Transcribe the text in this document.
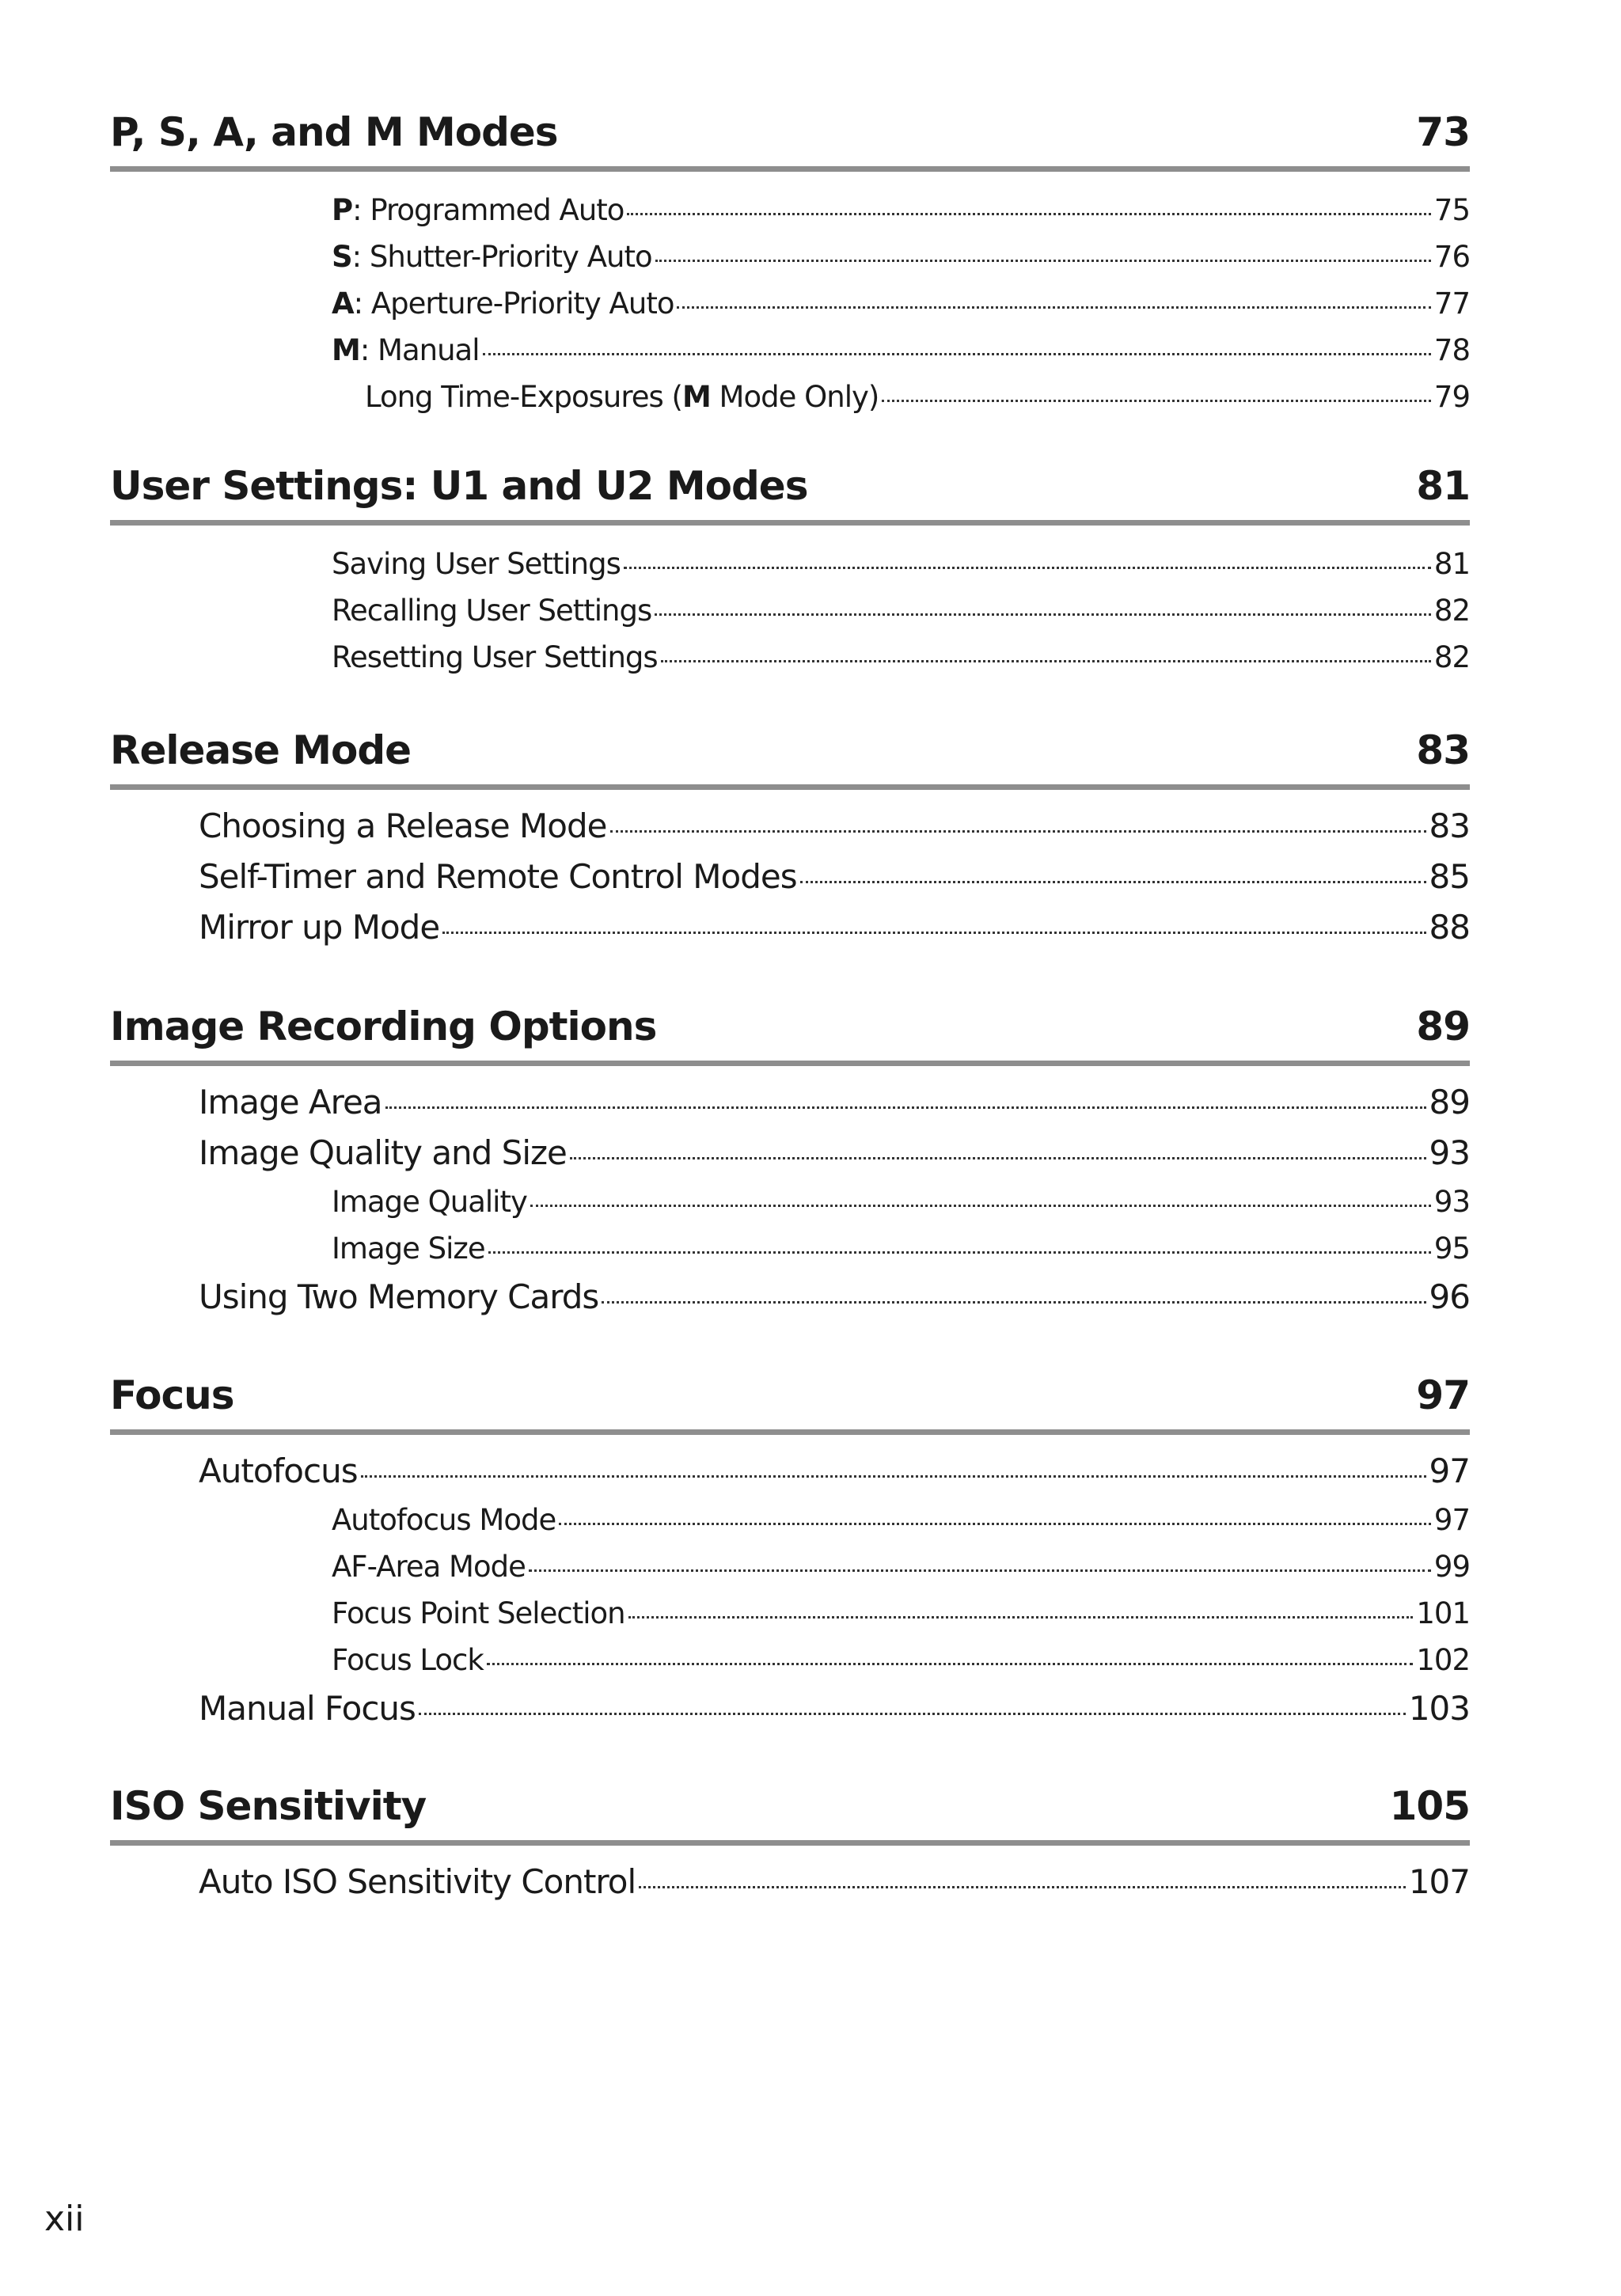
P, S, A, and M Modes	73
P: Programmed Auto	75
S: Shutter-Priority Auto	76
A: Aperture-Priority Auto	77
M: Manual	78
Long Time-Exposures (M Mode Only)	79
User Settings: U1 and U2 Modes	81
Saving User Settings	81
Recalling User Settings	82
Resetting User Settings	82
Release Mode	83
Choosing a Release Mode	83
Self-Timer and Remote Control Modes	85
Mirror up Mode	88
Image Recording Options	89
Image Area	89
Image Quality and Size	93
Image Quality	93
Image Size	95
Using Two Memory Cards	96
Focus	97
Autofocus	97
Autofocus Mode	97
AF-Area Mode	99
Focus Point Selection	101
Focus Lock	102
Manual Focus	103
ISO Sensitivity	105
Auto ISO Sensitivity Control	107
xii
